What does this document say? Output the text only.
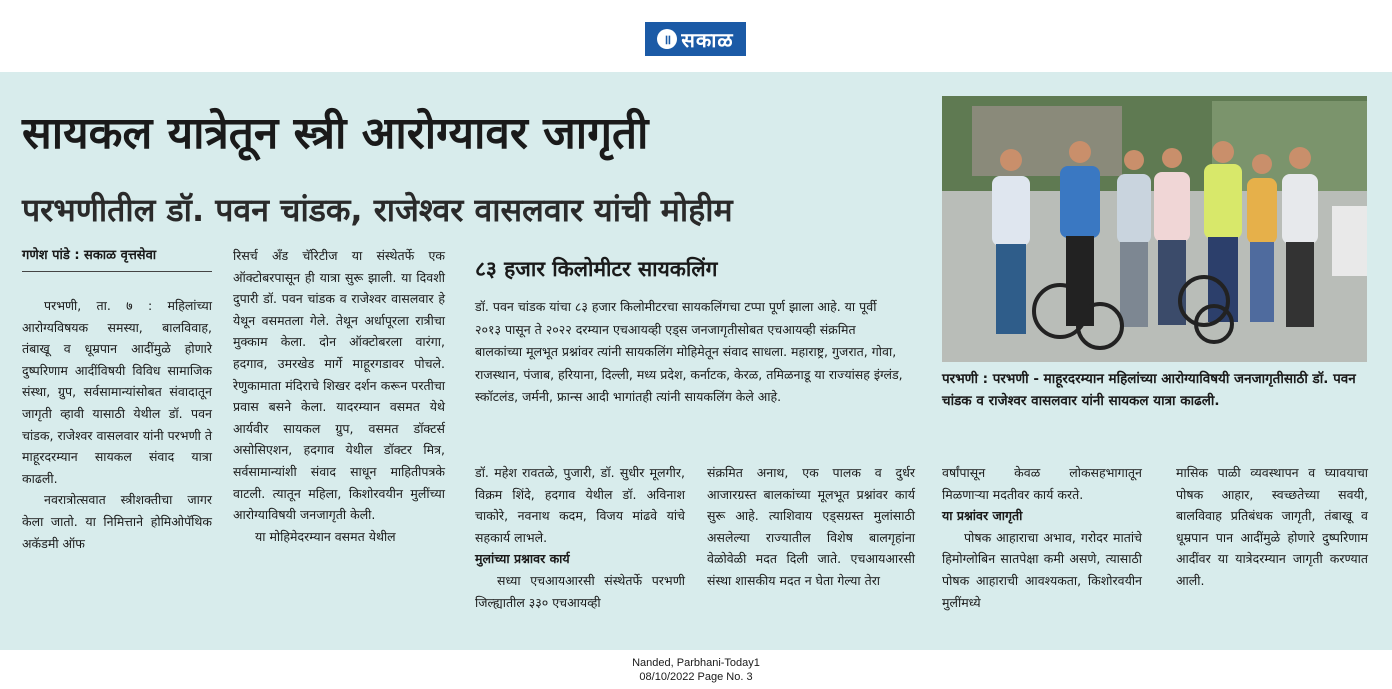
॥ सकाळ
सायकल यात्रेतून स्त्री आरोग्यावर जागृती
परभणीतील डॉ. पवन चांडक, राजेश्वर वासलवार यांची मोहीम
गणेश पांडे : सकाळ वृत्तसेवा

परभणी, ता. ७ : महिलांच्या आरोग्यविषयक समस्या, बालविवाह, तंबाखू व धूम्रपान आदींमुळे होणारे दुष्परिणाम आदींविषयी विविध सामाजिक संस्था, ग्रुप, सर्वसामान्यांसोबत संवादातून जागृती व्हावी यासाठी येथील डॉ. पवन चांडक, राजेश्वर वासलवार यांनी परभणी ते माहूरदरम्यान सायकल संवाद यात्रा काढली.

नवरात्रोत्सवात स्त्रीशक्तीचा जागर केला जातो. या निमित्ताने होमिओपॅथिक अकॅडमी ऑफ

रिसर्च अँड चॅरिटीज या संस्थेतर्फे एक ऑक्टोबरपासून ही यात्रा सुरू झाली. या दिवशी दुपारी डॉ. पवन चांडक व राजेश्वर वासलवार हे येथून वसमतला गेले. तेथून अर्धापूरला रात्रीचा मुक्काम केला. दोन ऑक्टोबरला वारंगा, हदगाव, उमरखेड मार्गे माहूरगडावर पोचले. रेणुकामाता मंदिराचे शिखर दर्शन करून परतीचा प्रवास बसने केला. यादरम्यान वसमत येथे आर्यवीर सायकल ग्रुप, वसमत डॉक्टर्स असोसिएशन, हदगाव येथील डॉक्टर मित्र, सर्वसामान्यांशी संवाद साधून माहितीपत्रके वाटली. त्यातून महिला, किशोरवयीन मुलींच्या आरोग्याविषयी जनजागृती केली.

या मोहिमेदरम्यान वसमत येथील

८३ हजार किलोमीटर सायकलिंग
डॉ. पवन चांडक यांचा ८३ हजार किलोमीटरचा सायकलिंगचा टप्पा पूर्ण झाला आहे. या पूर्वी २०१३ पासून ते २०२२ दरम्यान एचआयव्ही एड्स जनजागृतीसोबत एचआयव्ही संक्रमित बालकांच्या मूलभूत प्रश्नांवर त्यांनी सायकलिंग मोहिमेतून संवाद साधला. महाराष्ट्र, गुजरात, गोवा, राजस्थान, पंजाब, हरियाना, दिल्ली, मध्य प्रदेश, कर्नाटक, केरळ, तमिळनाडू या राज्यांसह इंग्लंड, स्कॉटलंड, जर्मनी, फ्रान्स आदी भागांतही त्यांनी सायकलिंग केले आहे.

डॉ. महेश रावतळे, पुजारी, डॉ. सुधीर मूलगीर, विक्रम शिंदे, हदगाव येथील डॉ. अविनाश चाकोरे, नवनाथ कदम, विजय मांढवे यांचे सहकार्य लाभले.

मुलांच्या प्रश्नावर कार्य

सध्या एचआयआरसी संस्थेतर्फे परभणी जिल्ह्यातील ३३० एचआयव्ही

संक्रमित अनाथ, एक पालक व दुर्धर आजारग्रस्त बालकांच्या मूलभूत प्रश्नांवर कार्य सुरू आहे. त्याशिवाय एड्सग्रस्त मुलांसाठी असलेल्या राज्यातील विशेष बालगृहांना वेळोवेळी मदत दिली जाते. एचआयआरसी संस्था शासकीय मदत न घेता गेल्या तेरा

परभणी : परभणी - माहूरदरम्यान महिलांच्या आरोग्याविषयी जनजागृतीसाठी डॉ. पवन चांडक व राजेश्वर वासलवार यांनी सायकल यात्रा काढली.

वर्षांपासून केवळ लोकसहभागातून मिळणाऱ्या मदतीवर कार्य करते.

या प्रश्नांवर जागृती

पोषक आहाराचा अभाव, गरोदर मातांचे हिमोग्लोबिन सातपेक्षा कमी असणे, त्यासाठी पोषक आहाराची आवश्यकता, किशोरवयीन मुलींमध्ये

मासिक पाळी व्यवस्थापन व घ्यावयाचा पोषक आहार, स्वच्छतेच्या सवयी, बालविवाह प्रतिबंधक जागृती, तंबाखू व धूम्रपान पान आदींमुळे होणारे दुष्परिणाम आदींवर या यात्रेदरम्यान जागृती करण्यात आली.

Nanded, Parbhani-Today1
08/10/2022 Page No. 3
